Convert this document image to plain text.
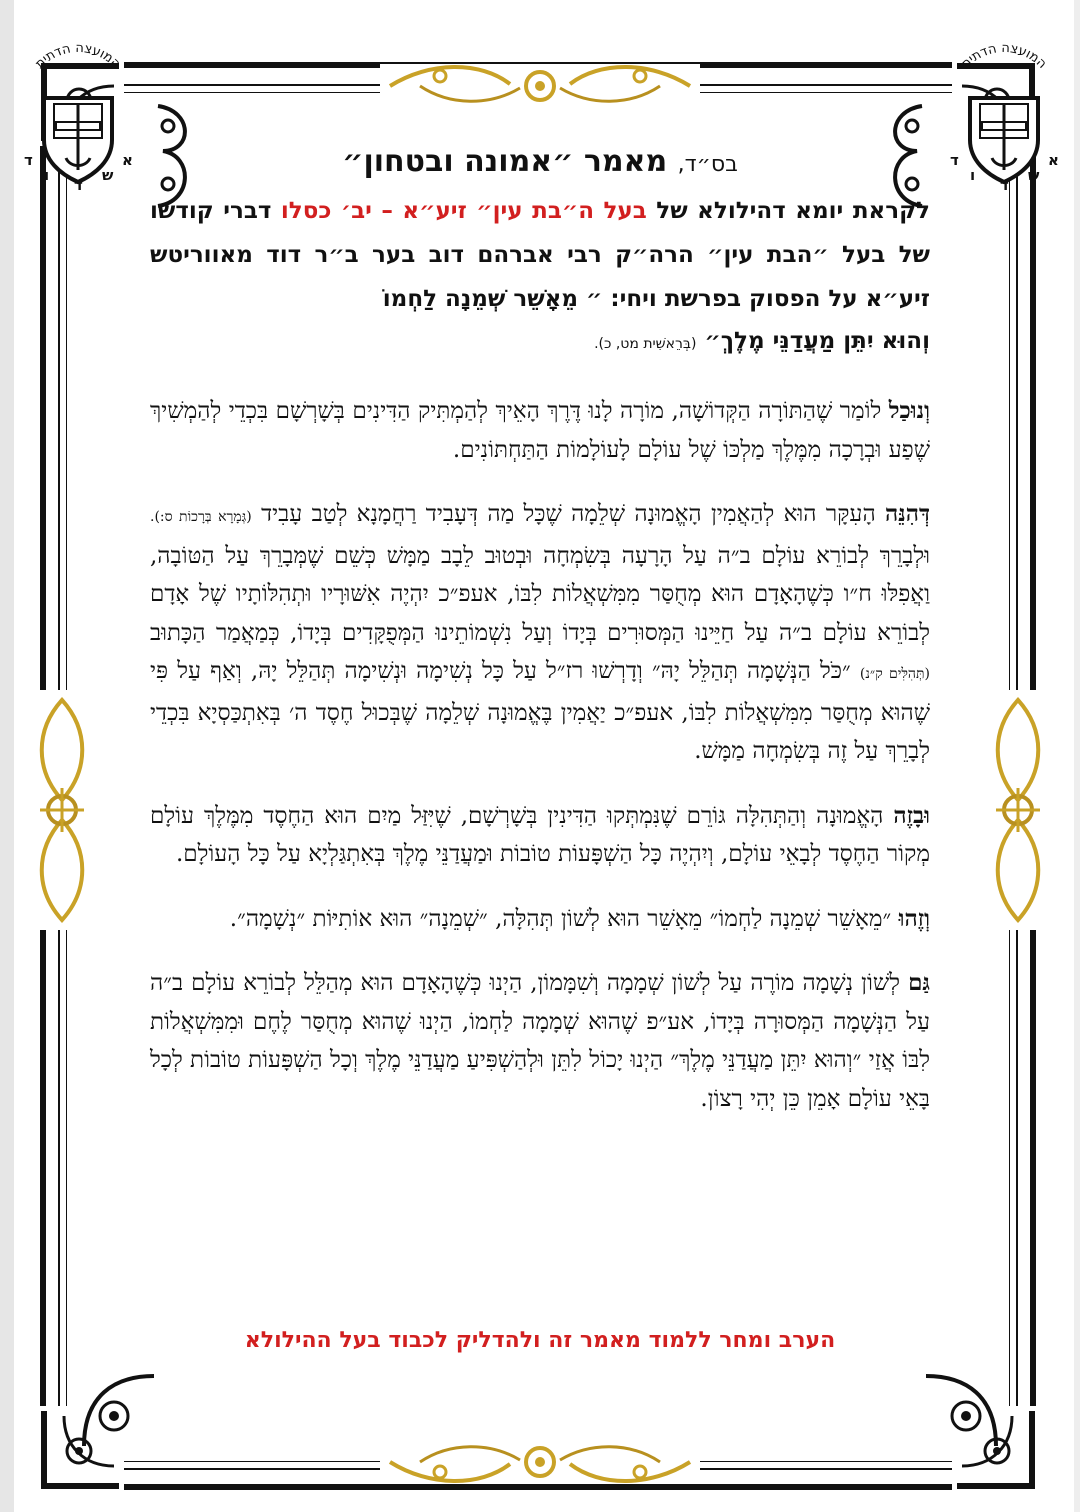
המועצה הדתית
ד
ו
ד
ש
א
המועצה הדתית
ד
ו
ד
ש
א
בס״ד, מאמר ״אמונה ובטחון״
לקראת יומא דהילולא של בעל ה״בת עין״ זיע״א – יב׳ כסלו דברי קודשו של בעל ״הבת עין״ הרה״ק רבי אברהם דוב בער ב״ר דוד מאווריטש זיע״א על הפסוק בפרשת ויחי: ״ מֵאָשֵׁר שְׁמֵנָה לַחְמוֹ
וְהוּא יִתֵּן מַעֲדַנֵּי מֶלֶךְ״ (בְּרֵאשִׁית מט, כ).

וְנוּכַל לוֹמַר שֶׁהַתּוֹרָה הַקְּדוֹשָׁה, מוֹרָה לָנוּ דֶּרֶךְ הָאֵיךְ לְהַמְתִּיק הַדִּינִים בְּשָׁרְשָׁם בִּכְדֵי לְהַמְשִׁיךְ שֶׁפַע וּבְרָכָה מִמֶּלֶךְ מַלְכּוֹ שֶׁל עוֹלָם לָעוֹלָמוֹת הַתַּחְתּוֹנִים.

דְּהִנֵּה הָעִקָּר הוּא לְהַאֲמִין הָאֱמוּנָה שְׁלֵמָה שֶׁכָּל מַה דְּעָבִיד רַחֲמָנָא לְטַב עָבִיד (גְּמָרָא בְּרָכוֹת ס:). וּלְבָרֵךְ לְבוֹרֵא עוֹלָם ב״ה עַל הָרָעָה בְּשִׂמְחָה וּבְטוּב לֵבָב מַמָּשׁ כְּשֵׁם שֶׁמְּבָרֵךְ עַל הַטּוֹבָה, וַאֲפִלּוּ ח״ו כְּשֶׁהָאָדָם הוּא מְחֻסַּר מִמִּשְׁאֲלוֹת לִבּוֹ, אעפ״כ יִהְיֶה אִשּׁוּרָיו וּתְהִלּוֹתָיו שֶׁל אָדָם לְבוֹרֵא עוֹלָם ב״ה עַל חַיֵּינוּ הַמְּסוּרִים בְּיָדוֹ וְעַל נִשְׁמוֹתֵינוּ הַמְּפֻקָּדִים בְּיָדוֹ, כְּמַאֲמַר הַכָּתוּב (תְּהִלִּים ק״נ) ״כֹּל הַנְּשָׁמָה תְּהַלֵּל יָהּ״ וְדָרְשׁוּ רז״ל עַל כָּל נְשִׁימָה וּנְשִׁימָה תְּהַלֵּל יָהּ, וְאַף עַל פִּי שֶׁהוּא מְחֻסַּר מִמִּשְׁאֲלוֹת לִבּוֹ, אעפ״כ יַאֲמִין בֶּאֱמוּנָה שְׁלֵמָה שֶׁבְּכוּל חֶסֶד ה׳ בְּאִתְכַּסְיָא בִּכְדֵי לְבָרֵךְ עַל זֶה בְּשִׂמְחָה מַמָּשׁ.

וּבָזֶה הָאֱמוּנָה וְהַתְּהִלָּה גּוֹרֵם שֶׁנִּמְתְּקוּ הַדִּינִין בְּשָׁרְשָׁם, שֶׁיִּזַּל מַיִם הוּא הַחֶסֶד מִמֶּלֶךְ עוֹלָם מְקוֹר הַחֶסֶד לְבָאֵי עוֹלָם, וְיִהְיֶה כָּל הַשְׁפָּעוֹת טוֹבוֹת וּמַעֲדַנֵּי מֶלֶךְ בְּאִתְגַּלְיָא עַל כָּל הָעוֹלָם.

וְזֶהוּ ״מֵאָשֵׁר שְׁמֵנָה לַחְמוֹ״ מֵאָשֵׁר הוּא לְשׁוֹן תְּהִלָּה, ״שְׁמֵנָה״ הוּא אוֹתִיּוֹת ״נְשָׁמָה״.

גַּם לְשׁוֹן נְשָׁמָה מוֹרֶה עַל לְשׁוֹן שְׁמָמָה וְשִׁמָּמוֹן, הַיְנוּ כְּשֶׁהָאָדָם הוּא מְהַלֵּל לְבוֹרֵא עוֹלָם ב״ה עַל הַנְּשָׁמָה הַמְּסוּרָה בְּיָדוֹ, אע״פ שֶׁהוּא שְׁמָמָה לַחְמוֹ, הַיְנוּ שֶׁהוּא מְחֻסַּר לֶחֶם וּמִמִּשְׁאֲלוֹת לִבּוֹ אֲזַי ״וְהוּא יִתֵּן מַעֲדַנֵּי מֶלֶךְ״ הַיְנוּ יָכוֹל לִתֵּן וּלְהַשְׁפִּיעַ מַעֲדַנֵּי מֶלֶךְ וְכָל הַשְׁפָּעוֹת טוֹבוֹת לְכָל בָּאֵי עוֹלָם אָמֵן כֵּן יְהִי רָצוֹן.

הערב ומחר ללמוד מאמר זה ולהדליק לכבוד בעל ההילולא
